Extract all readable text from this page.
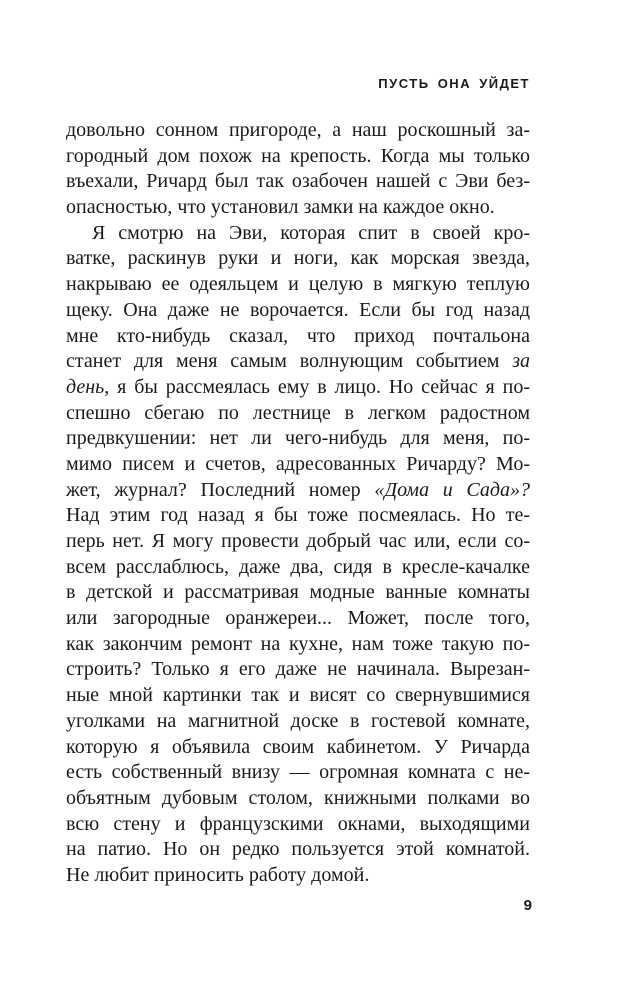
ПУСТЬ ОНА УЙДЕТ
довольно сонном пригороде, а наш роскошный за-
городный дом похож на крепость. Когда мы только
въехали, Ричард был так озабочен нашей с Эви без-
опасностью, что установил замки на каждое окно.
Я смотрю на Эви, которая спит в своей кро-
ватке, раскинув руки и ноги, как морская звезда,
накрываю ее одеяльцем и целую в мягкую теплую
щеку. Она даже не ворочается. Если бы год назад
мне кто-нибудь сказал, что приход почтальона
станет для меня самым волнующим событием за
день, я бы рассмеялась ему в лицо. Но сейчас я по-
спешно сбегаю по лестнице в легком радостном
предвкушении: нет ли чего-нибудь для меня, по-
мимо писем и счетов, адресованных Ричарду? Мо-
жет, журнал? Последний номер «Дома и Сада»?
Над этим год назад я бы тоже посмеялась. Но те-
перь нет. Я могу провести добрый час или, если со-
всем расслаблюсь, даже два, сидя в кресле-качалке
в детской и рассматривая модные ванные комнаты
или загородные оранжереи... Может, после того,
как закончим ремонт на кухне, нам тоже такую по-
строить? Только я его даже не начинала. Вырезан-
ные мной картинки так и висят со свернувшимися
уголками на магнитной доске в гостевой комнате,
которую я объявила своим кабинетом. У Ричарда
есть собственный внизу — огромная комната с не-
объятным дубовым столом, книжными полками во
всю стену и французскими окнами, выходящими
на патио. Но он редко пользуется этой комнатой.
Не любит приносить работу домой.
9
